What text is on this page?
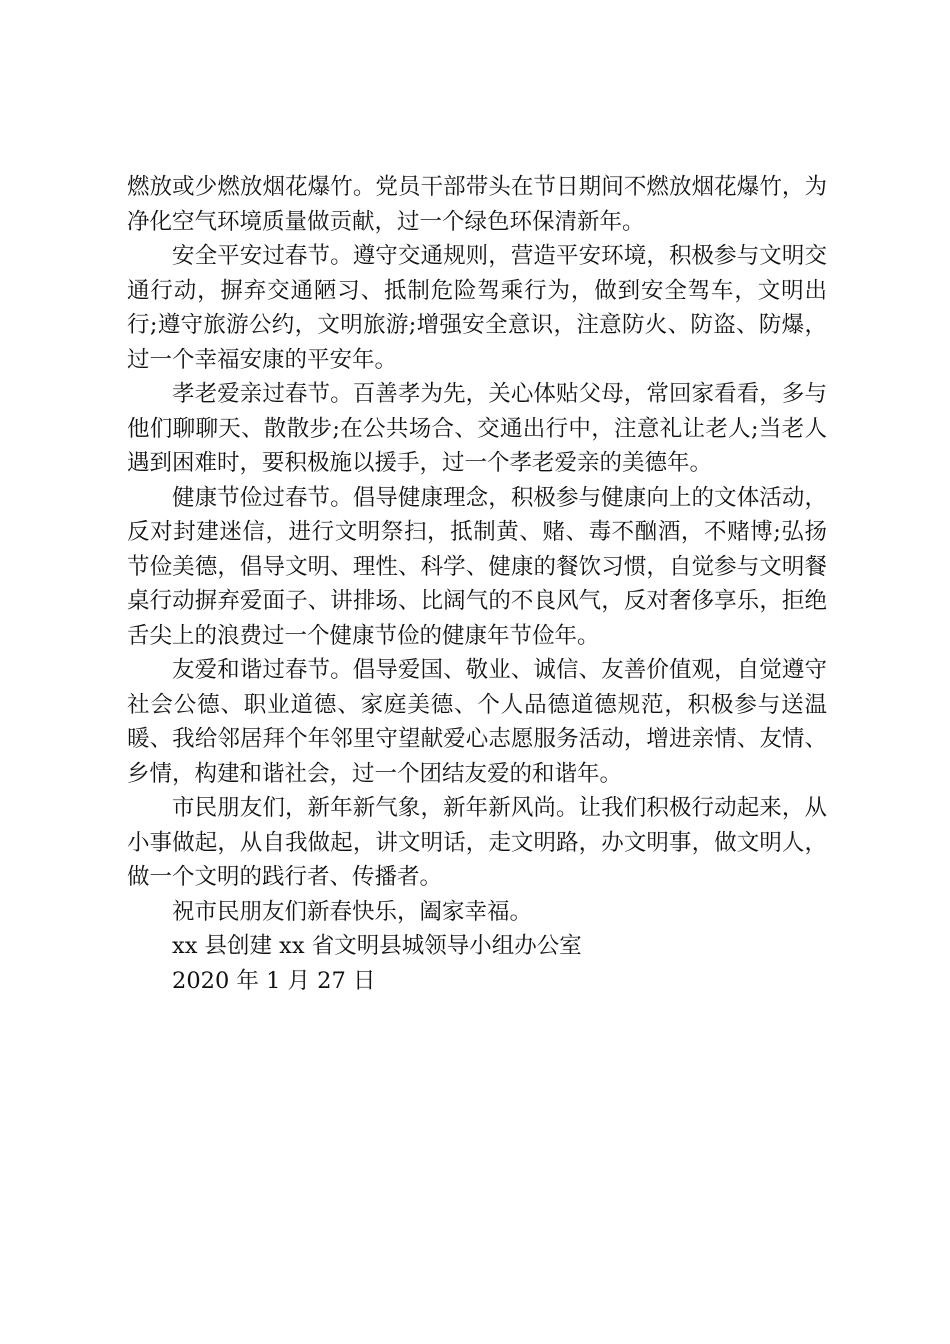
燃放或少燃放烟花爆竹。党员干部带头在节日期间不燃放烟花爆竹，为净化空气环境质量做贡献，过一个绿色环保清新年。

安全平安过春节。遵守交通规则，营造平安环境，积极参与文明交通行动，摒弃交通陋习、抵制危险驾乘行为，做到安全驾车，文明出行;遵守旅游公约，文明旅游;增强安全意识，注意防火、防盗、防爆，过一个幸福安康的平安年。

孝老爱亲过春节。百善孝为先，关心体贴父母，常回家看看，多与他们聊聊天、散散步;在公共场合、交通出行中，注意礼让老人;当老人遇到困难时，要积极施以援手，过一个孝老爱亲的美德年。

健康节俭过春节。倡导健康理念，积极参与健康向上的文体活动，反对封建迷信，进行文明祭扫，抵制黄、赌、毒不酗酒，不赌博;弘扬节俭美德，倡导文明、理性、科学、健康的餐饮习惯，自觉参与文明餐桌行动摒弃爱面子、讲排场、比阔气的不良风气，反对奢侈享乐，拒绝舌尖上的浪费过一个健康节俭的健康年节俭年。

友爱和谐过春节。倡导爱国、敬业、诚信、友善价值观，自觉遵守社会公德、职业道德、家庭美德、个人品德道德规范，积极参与送温暖、我给邻居拜个年邻里守望献爱心志愿服务活动，增进亲情、友情、乡情，构建和谐社会，过一个团结友爱的和谐年。

市民朋友们，新年新气象，新年新风尚。让我们积极行动起来，从小事做起，从自我做起，讲文明话，走文明路，办文明事，做文明人，做一个文明的践行者、传播者。

祝市民朋友们新春快乐，阖家幸福。

xx 县创建 xx 省文明县城领导小组办公室

2020 年 1 月 27 日
